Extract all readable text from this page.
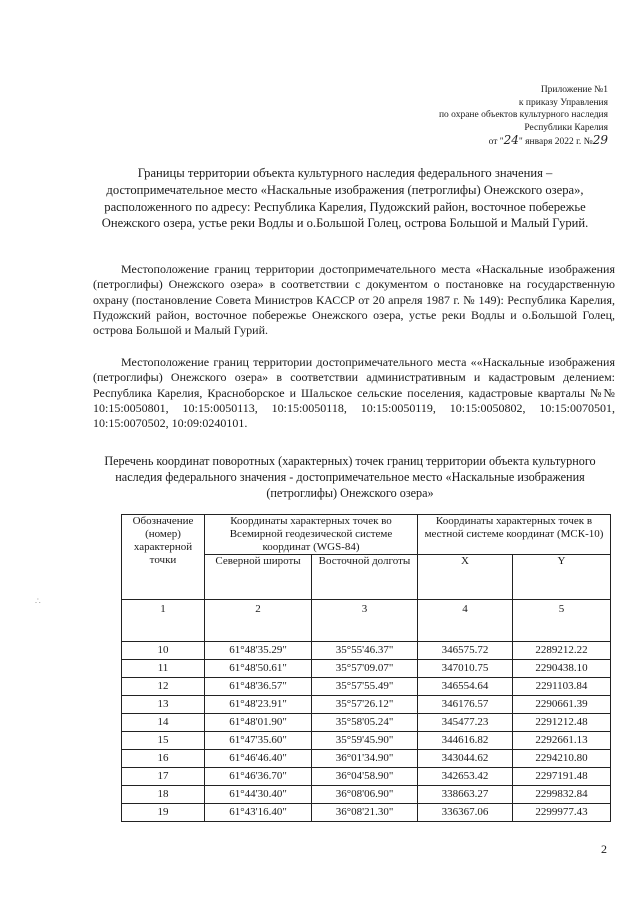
Приложение №1
к приказу Управления
по охране объектов культурного наследия
Республики Карелия
от "24" января 2022 г. №29
Границы территории объекта культурного наследия федерального значения – достопримечательное место «Наскальные изображения (петроглифы) Онежского озера», расположенного по адресу: Республика Карелия, Пудожский район, восточное побережье Онежского озера, устье реки Водлы и о.Большой Голец, острова Большой и Малый Гурий.
Местоположение границ территории достопримечательного места «Наскальные изображения (петроглифы) Онежского озера» в соответствии с документом о постановке на государственную охрану (постановление Совета Министров КАССР от 20 апреля 1987 г. № 149): Республика Карелия, Пудожский район, восточное побережье Онежского озера, устье реки Водлы и о.Большой Голец, острова Большой и Малый Гурий.
Местоположение границ территории достопримечательного места ««Наскальные изображения (петроглифы) Онежского озера» в соответствии административным и кадастровым делением: Республика Карелия, Красноборское и Шальское сельские поселения, кадастровые кварталы №№ 10:15:0050801, 10:15:0050113, 10:15:0050118, 10:15:0050119, 10:15:0050802, 10:15:0070501, 10:15:0070502, 10:09:0240101.
Перечень координат поворотных (характерных) точек границ территории объекта культурного наследия федерального значения - достопримечательное место «Наскальные изображения (петроглифы) Онежского озера»
Обозначение (номер) характерной точки	Координаты характерных точек во Всемирной геодезической системе координат (WGS-84)		Координаты характерных точек в местной системе координат (МСК-10)	
	Северной широты	Восточной долготы	X	Y
1	2	3	4	5
10	61°48'35.29"	35°55'46.37"	346575.72	2289212.22
11	61°48'50.61"	35°57'09.07"	347010.75	2290438.10
12	61°48'36.57"	35°57'55.49"	346554.64	2291103.84
13	61°48'23.91"	35°57'26.12"	346176.57	2290661.39
14	61°48'01.90"	35°58'05.24"	345477.23	2291212.48
15	61°47'35.60"	35°59'45.90"	344616.82	2292661.13
16	61°46'46.40"	36°01'34.90"	343044.62	2294210.80
17	61°46'36.70"	36°04'58.90"	342653.42	2297191.48
18	61°44'30.40"	36°08'06.90"	338663.27	2299832.84
19	61°43'16.40"	36°08'21.30"	336367.06	2299977.43
∴
2
